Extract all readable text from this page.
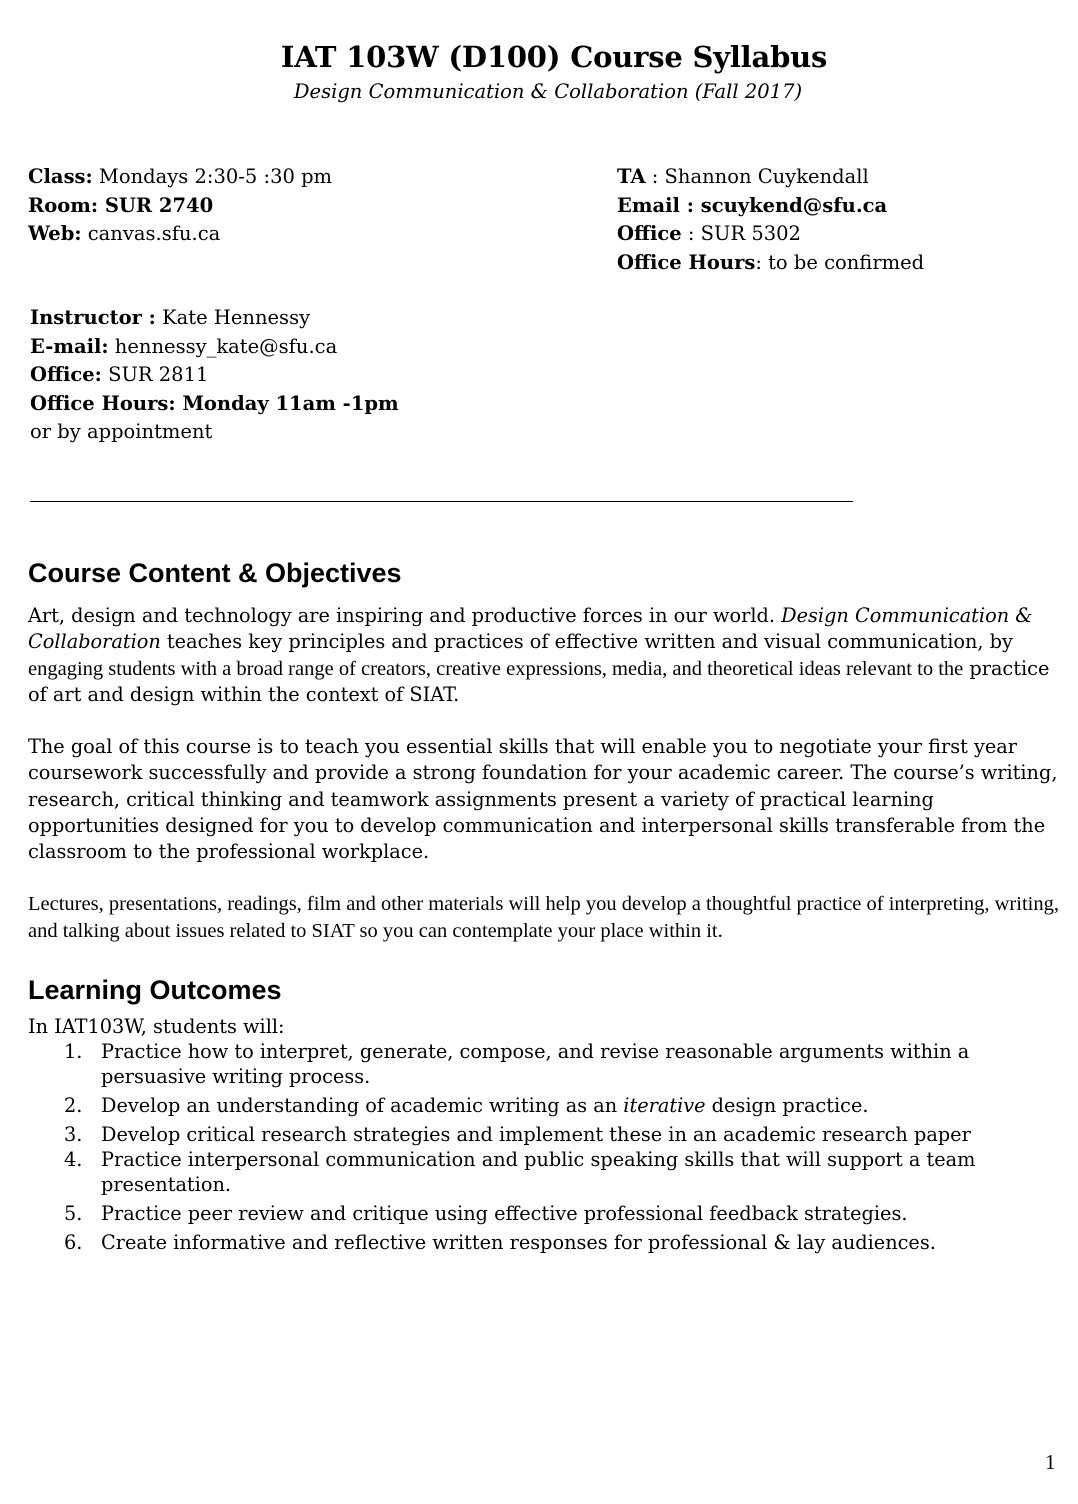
IAT 103W (D100) Course Syllabus
Design Communication & Collaboration (Fall 2017)
Class: Mondays 2:30-5 :30 pm
Room: SUR 2740
Web: canvas.sfu.ca
TA : Shannon Cuykendall
Email : scuykend@sfu.ca
Office : SUR 5302
Office Hours: to be confirmed
Instructor : Kate Hennessy
E-mail: hennessy_kate@sfu.ca
Office: SUR 2811
Office Hours: Monday 11am -1pm
or by appointment
Course Content & Objectives
Art, design and technology are inspiring and productive forces in our world. Design Communication & Collaboration teaches key principles and practices of effective written and visual communication, by engaging students with a broad range of creators, creative expressions, media, and theoretical ideas relevant to the practice of art and design within the context of SIAT.
The goal of this course is to teach you essential skills that will enable you to negotiate your first year coursework successfully and provide a strong foundation for your academic career. The course’s writing, research, critical thinking and teamwork assignments present a variety of practical learning opportunities designed for you to develop communication and interpersonal skills transferable from the classroom to the professional workplace.
Lectures, presentations, readings, film and other materials will help you develop a thoughtful practice of interpreting, writing, and talking about issues related to SIAT so you can contemplate your place within it.
Learning Outcomes
In IAT103W, students will:
1. Practice how to interpret, generate, compose, and revise reasonable arguments within a persuasive writing process.
2. Develop an understanding of academic writing as an iterative design practice.
3. Develop critical research strategies and implement these in an academic research paper
4. Practice interpersonal communication and public speaking skills that will support a team presentation.
5. Practice peer review and critique using effective professional feedback strategies.
6. Create informative and reflective written responses for professional & lay audiences.
1
